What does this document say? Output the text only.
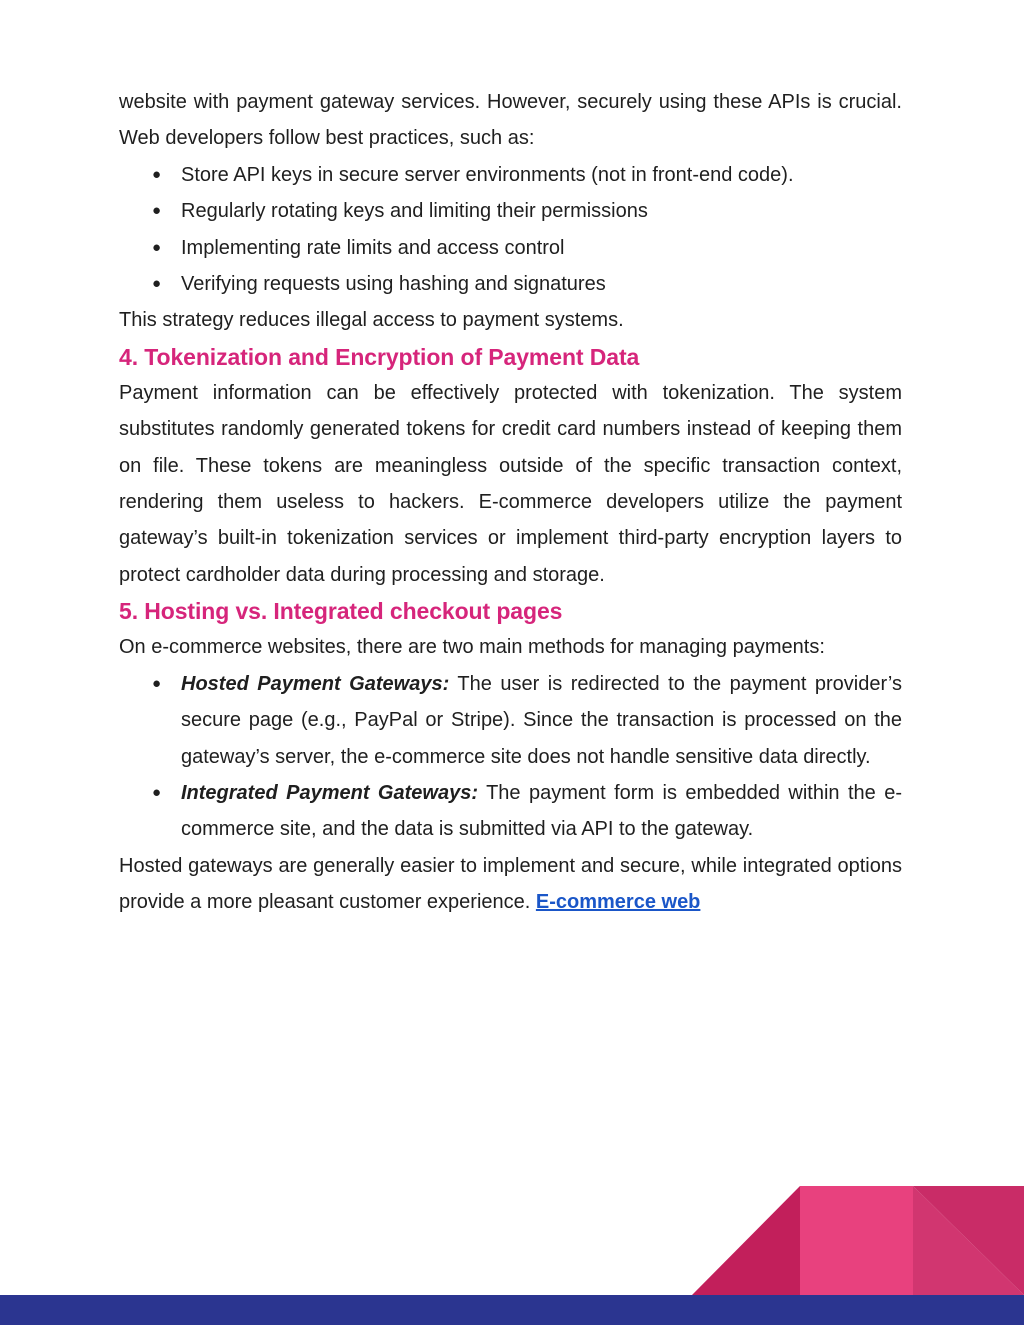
website with payment gateway services. However, securely using these APIs is crucial. Web developers follow best practices, such as:

● Store API keys in secure server environments (not in front-end code).
● Regularly rotating keys and limiting their permissions
● Implementing rate limits and access control
● Verifying requests using hashing and signatures

This strategy reduces illegal access to payment systems.

4. Tokenization and Encryption of Payment Data

Payment information can be effectively protected with tokenization. The system substitutes randomly generated tokens for credit card numbers instead of keeping them on file. These tokens are meaningless outside of the specific transaction context, rendering them useless to hackers. E-commerce developers utilize the payment gateway’s built-in tokenization services or implement third-party encryption layers to protect cardholder data during processing and storage.

5. Hosting vs. Integrated checkout pages

On e-commerce websites, there are two main methods for managing payments:

● Hosted Payment Gateways: The user is redirected to the payment provider’s secure page (e.g., PayPal or Stripe). Since the transaction is processed on the gateway’s server, the e-commerce site does not handle sensitive data directly.
● Integrated Payment Gateways: The payment form is embedded within the e-commerce site, and the data is submitted via API to the gateway.

Hosted gateways are generally easier to implement and secure, while integrated options provide a more pleasant customer experience. E-commerce web
